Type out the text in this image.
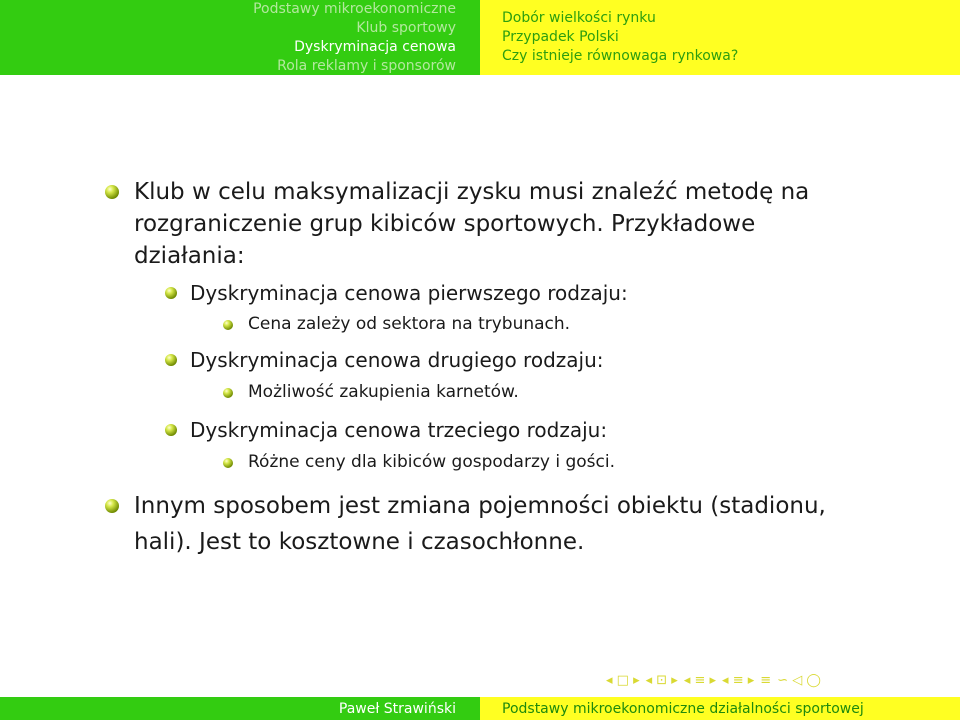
Podstawy mikroekonomiczne
Klub sportowy
Dyskryminacja cenowa
Rola reklamy i sponsorów
Dobór wielkości rynku
Przypadek Polski
Czy istnieje równowaga rynkowa?
Klub w celu maksymalizacji zysku musi znaleźć metodę na
rozgraniczenie grup kibiców sportowych. Przykładowe
działania:
Dyskryminacja cenowa pierwszego rodzaju:
Cena zależy od sektora na trybunach.
Dyskryminacja cenowa drugiego rodzaju:
Możliwość zakupienia karnetów.
Dyskryminacja cenowa trzeciego rodzaju:
Różne ceny dla kibiców gospodarzy i gości.
Innym sposobem jest zmiana pojemności obiektu (stadionu,
hali). Jest to kosztowne i czasochłonne.
◂ □ ▸ ◂ ⊡ ▸ ◂ ≡ ▸ ◂ ≡ ▸ ≡ ∽ ◁ ◯
Paweł Strawiński	Podstawy mikroekonomiczne działalności sportowej
